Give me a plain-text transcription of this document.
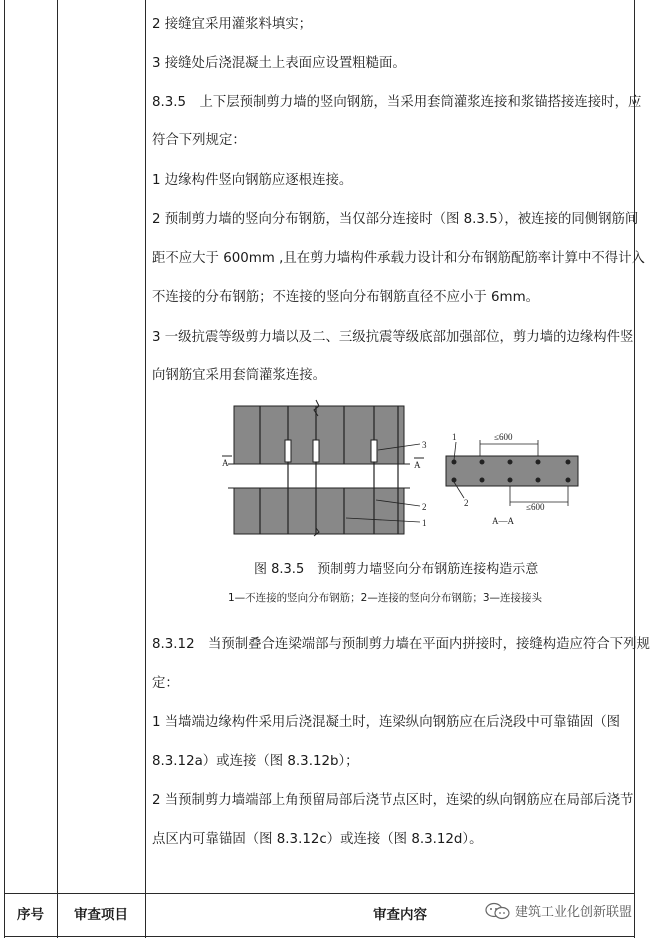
2 接缝宜采用灌浆料填实；
3 接缝处后浇混凝土上表面应设置粗糙面。
8.3.5　上下层预制剪力墙的竖向钢筋，当采用套筒灌浆连接和浆锚搭接连接时，应
符合下列规定：
1 边缘构件竖向钢筋应逐根连接。
2 预制剪力墙的竖向分布钢筋，当仅部分连接时（图 8.3.5），被连接的同侧钢筋间
距不应大于 600mm ,且在剪力墙构件承载力设计和分布钢筋配筋率计算中不得计入
不连接的分布钢筋；不连接的竖向分布钢筋直径不应小于 6mm。
3 一级抗震等级剪力墙以及二、三级抗震等级底部加强部位，剪力墙的边缘构件竖
向钢筋宜采用套筒灌浆连接。
8.3.12　当预制叠合连梁端部与预制剪力墙在平面内拼接时，接缝构造应符合下列规
定：
1 当墙端边缘构件采用后浇混凝土时，连梁纵向钢筋应在后浇段中可靠锚固（图
8.3.12a）或连接（图 8.3.12b）；
2 当预制剪力墙端部上角预留局部后浇节点区时，连梁的纵向钢筋应在局部后浇节
点区内可靠锚固（图 8.3.12c）或连接（图 8.3.12d）。
A	A
3
2
1
≤600
≤600
1
2
A—A
图 8.3.5　预制剪力墙竖向分布钢筋连接构造示意
1—不连接的竖向分布钢筋；2—连接的竖向分布钢筋；3—连接接头
序号	审查项目	审查内容	建筑工业化创新联盟
